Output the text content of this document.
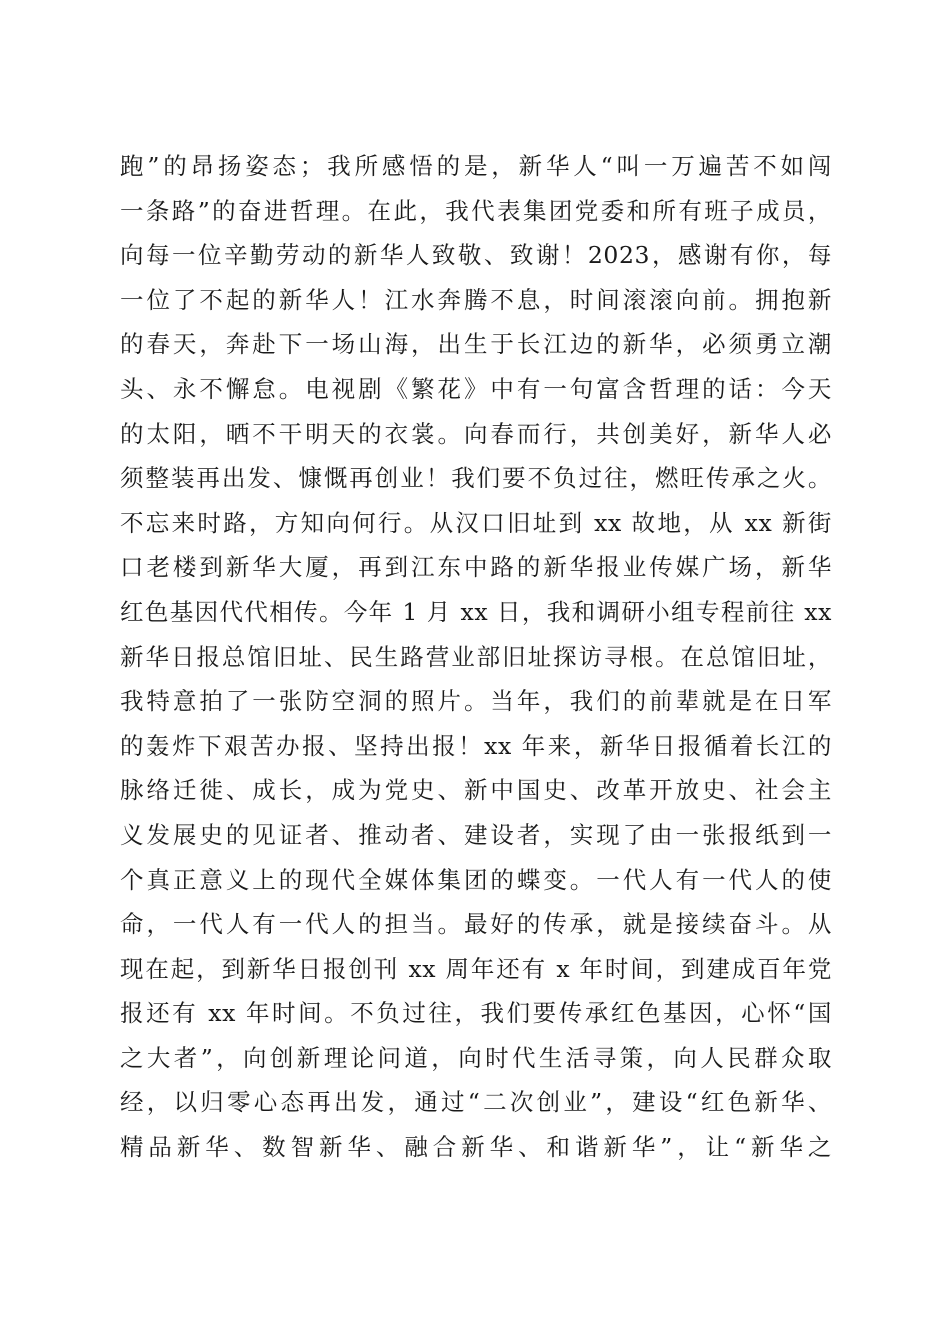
跑”的昂扬姿态；我所感悟的是，新华人“叫一万遍苦不如闯
一条路”的奋进哲理。在此，我代表集团党委和所有班子成员，
向每一位辛勤劳动的新华人致敬、致谢！2023，感谢有你，每
一位了不起的新华人！江水奔腾不息，时间滚滚向前。拥抱新
的春天，奔赴下一场山海，出生于长江边的新华，必须勇立潮
头、永不懈怠。电视剧《繁花》中有一句富含哲理的话：今天
的太阳，晒不干明天的衣裳。向春而行，共创美好，新华人必
须整装再出发、慷慨再创业！我们要不负过往，燃旺传承之火。
不忘来时路，方知向何行。从汉口旧址到 xx 故地，从 xx 新街
口老楼到新华大厦，再到江东中路的新华报业传媒广场，新华
红色基因代代相传。今年 1 月 xx 日，我和调研小组专程前往 xx
新华日报总馆旧址、民生路营业部旧址探访寻根。在总馆旧址，
我特意拍了一张防空洞的照片。当年，我们的前辈就是在日军
的轰炸下艰苦办报、坚持出报！xx 年来，新华日报循着长江的
脉络迁徙、成长，成为党史、新中国史、改革开放史、社会主
义发展史的见证者、推动者、建设者，实现了由一张报纸到一
个真正意义上的现代全媒体集团的蝶变。一代人有一代人的使
命，一代人有一代人的担当。最好的传承，就是接续奋斗。从
现在起，到新华日报创刊 xx 周年还有 x 年时间，到建成百年党
报还有 xx 年时间。不负过往，我们要传承红色基因，心怀“国
之大者”，向创新理论问道，向时代生活寻策，向人民群众取
经，以归零心态再出发，通过“二次创业”，建设“红色新华、
精品新华、数智新华、融合新华、和谐新华”，让“新华之
